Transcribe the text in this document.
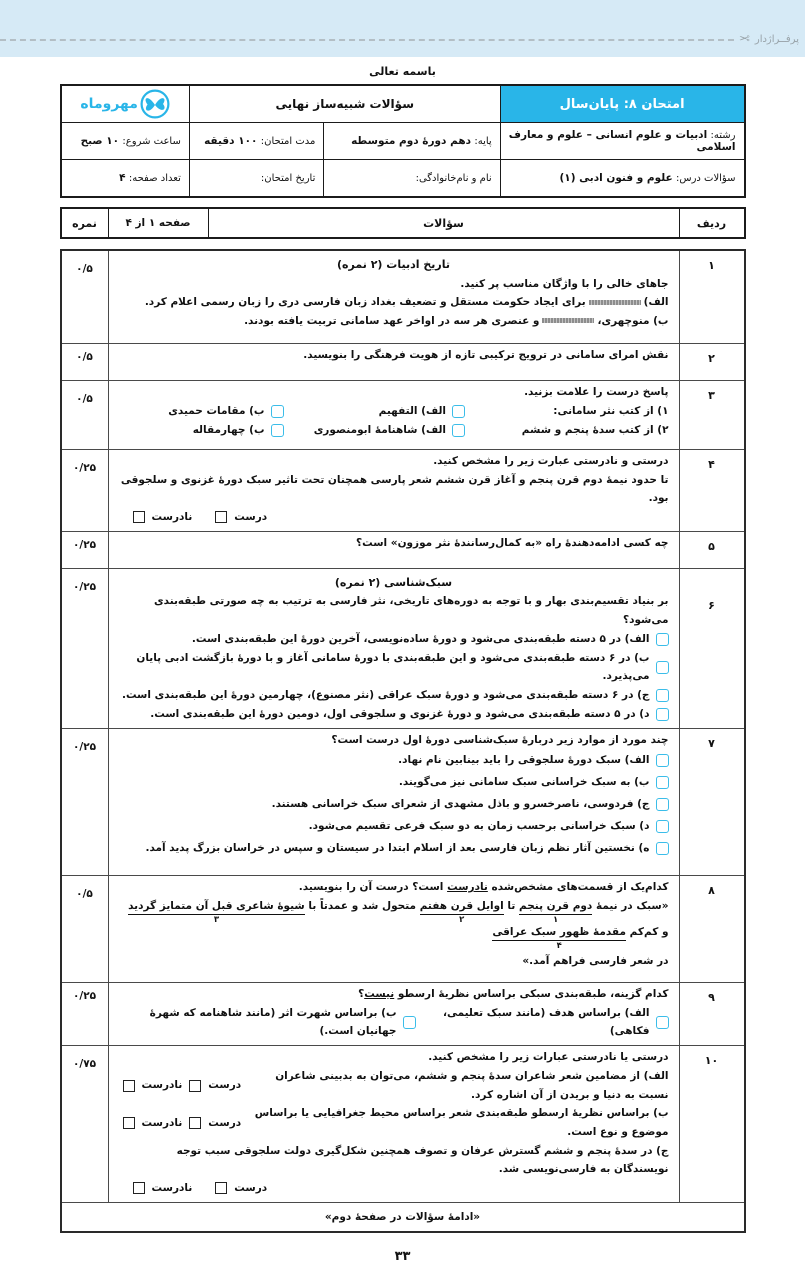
پرفــراژدار
✂
باسمه تعالی
امتحان ۸: پایان‌سال	سؤالات شبیه‌ساز نهایی		مهروماه

رشته: ادبیات و علوم انسانی – علوم و معارف اسلامی	پایه: دهم دورهٔ دوم متوسطه	مدت امتحان: ۱۰۰ دقیقه	ساعت شروع: ۱۰ صبح
سؤالات درس: علوم و فنون ادبی (۱)	نام و نام‌خانوادگی:	تاریخ امتحان:	تعداد صفحه: ۴
ردیف	سؤالات	صفحه ۱ از ۴	نمره
۱	تاریخ ادبیات (۲ نمره)
جاهای خالی را با واژگان مناسب پر کنید.
الف)برای ایجاد حکومت مستقل و تضعیف بغداد زبان فارسی دری را زبان رسمی اعلام کرد.
ب) منوچهری،و عنصری هر سه در اواخر عهد سامانی تربیت یافته بودند.	۰/۵
۲	نقش امرای سامانی در ترویج ترکیبی تازه از هویت فرهنگی را بنویسید.	۰/۵
۳	
پاسخ درست را علامت بزنید.
۱) از کتب نثر سامانی:
الف) التفهیم
ب) مقامات حمیدی
۲) از کتب سدهٔ پنجم و ششم
الف) شاهنامهٔ ابومنصوری
ب) چهارمقاله
	۰/۵
۴	درستی و نادرستی عبارت زیر را مشخص کنید.
تا حدود نیمهٔ دوم قرن پنجم و آغاز قرن ششم شعر پارسی همچنان تحت تاثیر سبک دورهٔ غزنوی و سلجوقی بود.
درست
نادرست	۰/۲۵
۵	چه کسی ادامه‌دهندهٔ راه «به کمال‌رسانندهٔ نثر موزون» است؟	۰/۲۵
۶	
سبک‌شناسی (۲ نمره)
بر بنیاد تقسیم‌بندی بهار و با توجه به دوره‌های تاریخی، نثر فارسی به ترتیب به چه صورتی طبقه‌بندی می‌شود؟
الف) در ۵ دسته طبقه‌بندی می‌شود و دورهٔ ساده‌نویسی، آخرین دورهٔ این طبقه‌بندی است.
ب) در ۶ دسته طبقه‌بندی می‌شود و این طبقه‌بندی با دورهٔ سامانی آغاز و با دورهٔ بازگشت ادبی پایان می‌پذیرد.
ج) در ۶ دسته طبقه‌بندی می‌شود و دورهٔ سبک عراقی (نثر مصنوع)، چهارمین دورهٔ این طبقه‌بندی است.
د) در ۵ دسته طبقه‌بندی می‌شود و دورهٔ غزنوی و سلجوقی اول، دومین دورهٔ این طبقه‌بندی است.
	۰/۲۵
۷	
چند مورد از موارد زیر دربارهٔ سبک‌شناسی دورهٔ اول درست است؟
الف) سبک دورهٔ سلجوقی را باید بینابین نام نهاد.
ب) به سبک خراسانی سبک سامانی نیز می‌گویند.
ج) فردوسی، ناصرخسرو و باذل مشهدی از شعرای سبک خراسانی هستند.
د) سبک خراسانی برحسب زمان به دو سبک فرعی تقسیم می‌شود.
ه) نخستین آثار نظم زبان فارسی بعد از اسلام ابتدا در سیستان و سپس در خراسان بزرگ پدید آمد.
	۰/۲۵
۸	
کدام‌یک از قسمت‌های مشخص‌شده نادرست است؟ درست آن را بنویسید.
«سبک در نیمهٔ
دوم قرن پنجم
۱
تا
اوایل قرن هفتم
۲
متحول شد و عمدتاً با
شیوهٔ شاعری قبل آن متمایز گردید
۳
و کم‌کم
مقدمهٔ ظهور سبک عراقی
۴
در شعر فارسی فراهم آمد.»
	۰/۵
۹	کدام گزینه، طبقه‌بندی سبکی براساس نظریهٔ ارسطو نیست؟
الف) براساس هدف (مانند سبک تعلیمی، فکاهی)
ب) براساس شهرت اثر (مانند شاهنامه که شهرهٔ جهانیان است.)	۰/۲۵
۱۰	
درستی یا نادرستی عبارات زیر را مشخص کنید.
الف) از مضامین شعر شاعران سدهٔ پنجم و ششم، می‌توان به بدبینی شاعران نسبت به دنیا و بریدن از آن اشاره کرد.
درست
نادرست
ب) براساس نظریهٔ ارسطو طبقه‌بندی شعر براساس محیط جغرافیایی یا براساس موضوع و نوع است.
درست
نادرست
ج) در سدهٔ پنجم و ششم گسترش عرفان و تصوف همچنین شکل‌گیری دولت سلجوقی سبب توجه نویسندگان به فارسی‌نویسی شد.
درست
نادرست
	۰/۷۵
«ادامهٔ سؤالات در صفحهٔ دوم»		
۳۳
